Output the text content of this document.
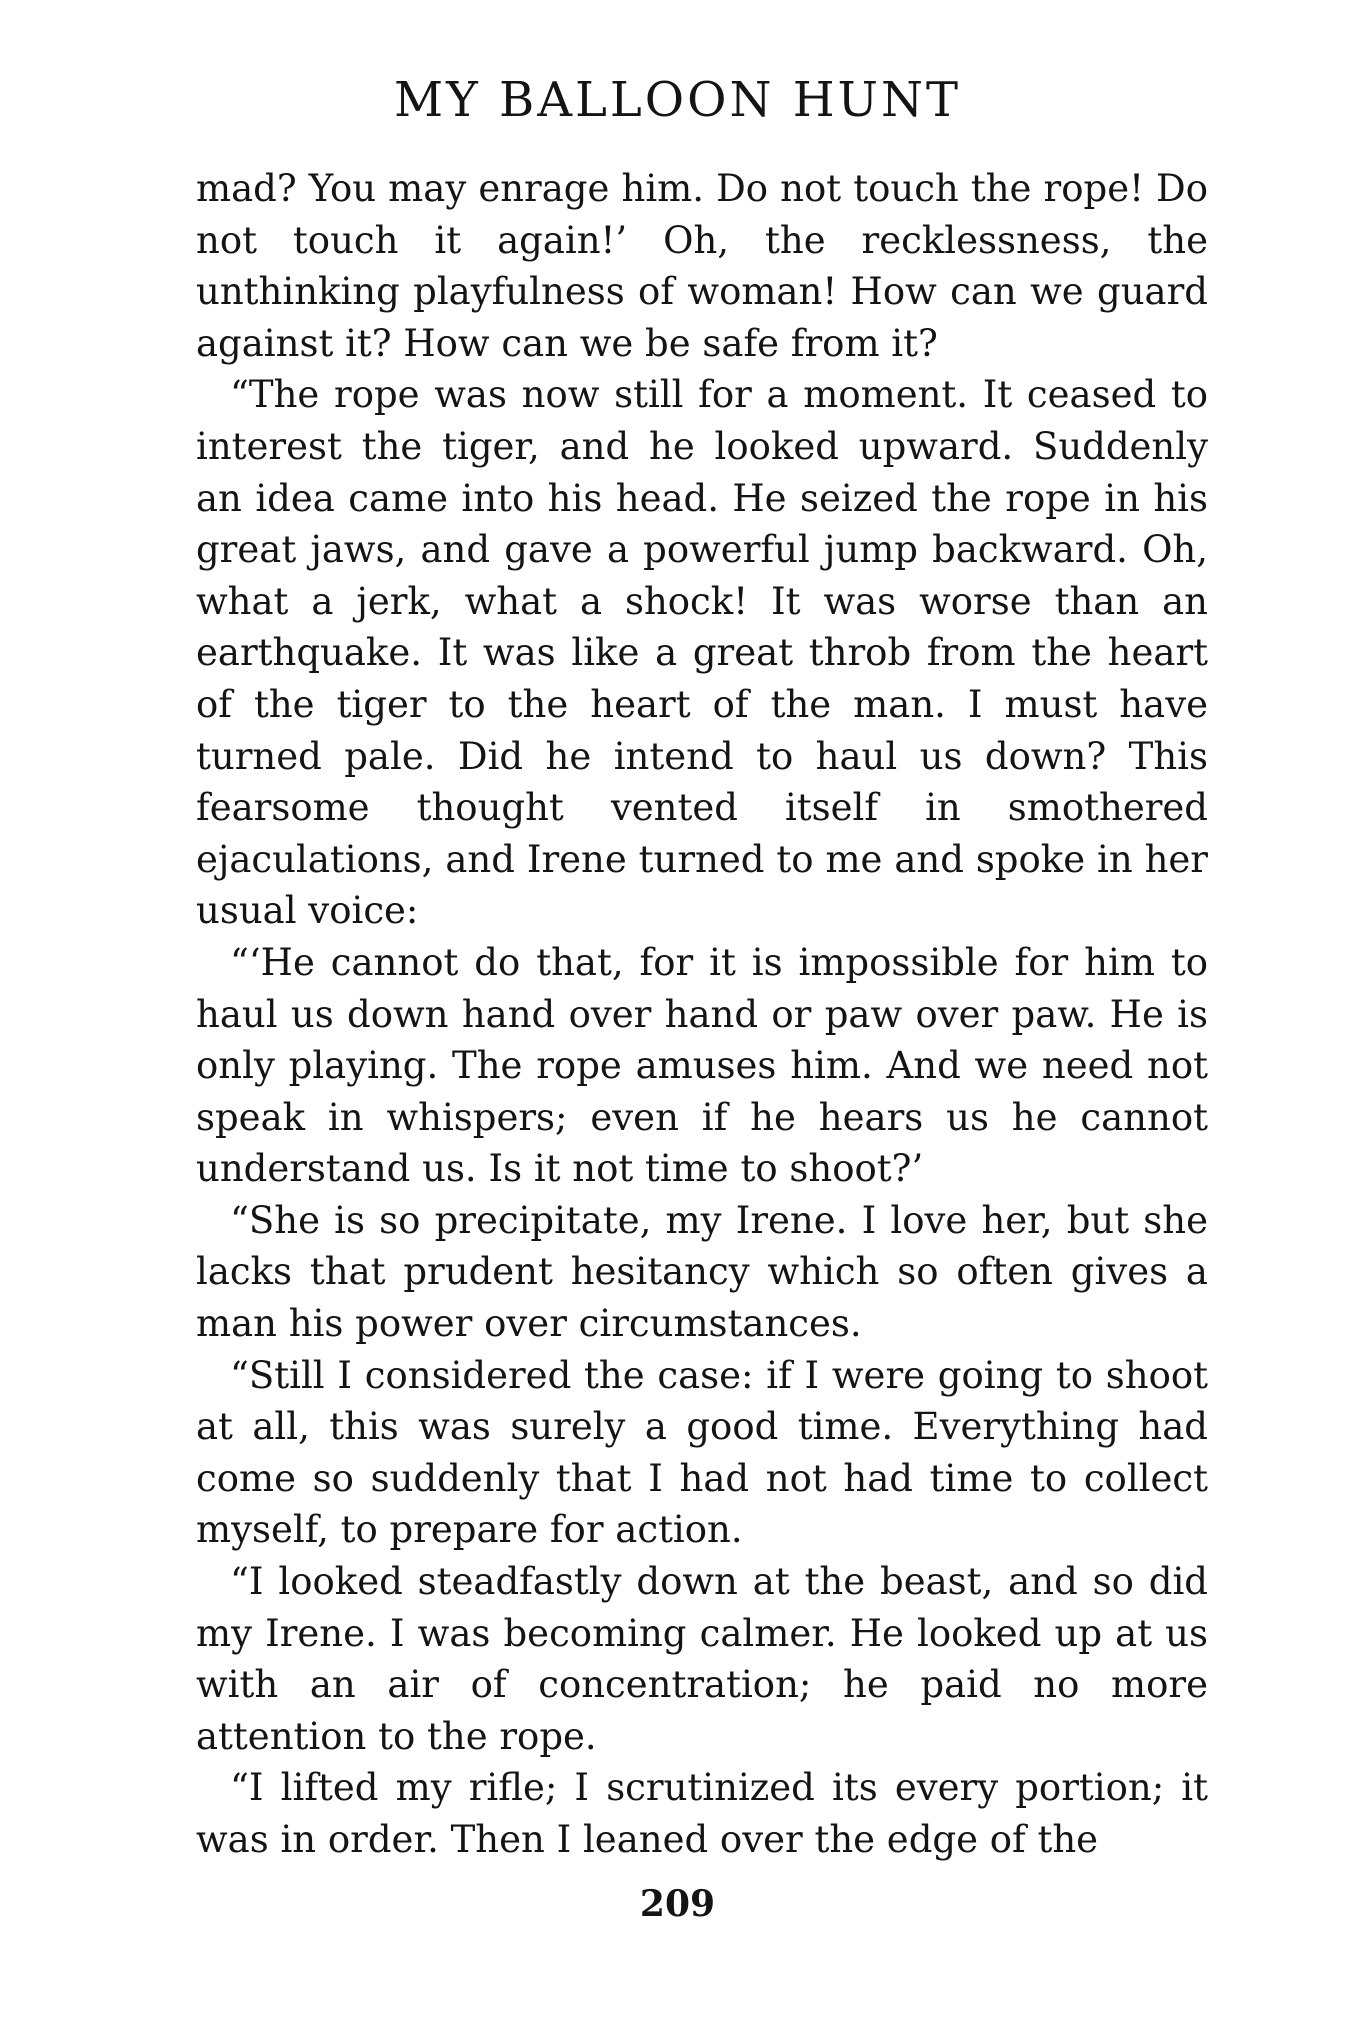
MY BALLOON HUNT

mad? You may enrage him. Do not touch the rope! Do not touch it again!’ Oh, the recklessness, the unthinking playfulness of woman! How can we guard against it? How can we be safe from it?

“The rope was now still for a moment. It ceased to interest the tiger, and he looked upward. Suddenly an idea came into his head. He seized the rope in his great jaws, and gave a powerful jump backward. Oh, what a jerk, what a shock! It was worse than an earthquake. It was like a great throb from the heart of the tiger to the heart of the man. I must have turned pale. Did he intend to haul us down? This fearsome thought vented itself in smothered ejaculations, and Irene turned to me and spoke in her usual voice:

“‘He cannot do that, for it is impossible for him to haul us down hand over hand or paw over paw. He is only playing. The rope amuses him. And we need not speak in whispers; even if he hears us he cannot understand us. Is it not time to shoot?’

“She is so precipitate, my Irene. I love her, but she lacks that prudent hesitancy which so often gives a man his power over circumstances.

“Still I considered the case: if I were going to shoot at all, this was surely a good time. Everything had come so suddenly that I had not had time to collect myself, to prepare for action.

“I looked steadfastly down at the beast, and so did my Irene. I was becoming calmer. He looked up at us with an air of concentration; he paid no more attention to the rope.

“I lifted my rifle; I scrutinized its every portion; it was in order. Then I leaned over the edge of the

209
